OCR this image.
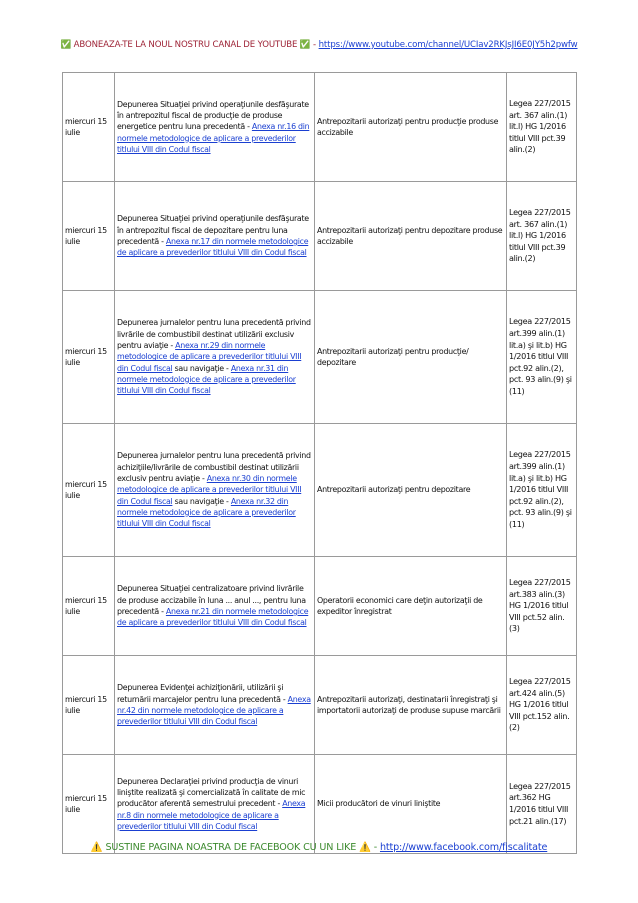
✅ ABONEAZA-TE LA NOUL NOSTRU CANAL DE YOUTUBE ✅ - https://www.youtube.com/channel/UCIav2RKJsJI6E0JY5h2pwfw
miercuri 15 iulie	Depunerea Situaţiei privind operaţiunile desfăşurate în antrepozitul fiscal de producţie de produse energetice pentru luna precedentă - Anexa nr.16 din normele metodologice de aplicare a prevederilor titlului VIII din Codul fiscal	Antrepozitarii autorizaţi pentru producţie produse accizabile	Legea 227/2015 art. 367 alin.(1) lit.l) HG 1/2016 titlul VIII pct.39 alin.(2)
miercuri 15 iulie	Depunerea Situaţiei privind operaţiunile desfăşurate în antrepozitul fiscal de depozitare pentru luna precedentă - Anexa nr.17 din normele metodologice de aplicare a prevederilor titlului VIII din Codul fiscal	Antrepozitarii autorizaţi pentru depozitare produse accizabile	Legea 227/2015 art. 367 alin.(1) lit.l) HG 1/2016 titlul VIII pct.39 alin.(2)
miercuri 15 iulie	Depunerea jurnalelor pentru luna precedentă privind livrările de combustibil destinat utilizării exclusiv pentru aviaţie - Anexa nr.29 din normele metodologice de aplicare a prevederilor titlului VIII din Codul fiscal sau navigaţie - Anexa nr.31 din normele metodologice de aplicare a prevederilor titlului VIII din Codul fiscal	Antrepozitarii autorizaţi pentru producţie/ depozitare	Legea 227/2015 art.399 alin.(1) lit.a) şi lit.b) HG 1/2016 titlul VIII pct.92 alin.(2), pct. 93 alin.(9) şi (11)
miercuri 15 iulie	Depunerea jurnalelor pentru luna precedentă privind achiziţiile/livrările de combustibil destinat utilizării exclusiv pentru aviaţie - Anexa nr.30 din normele metodologice de aplicare a prevederilor titlului VIII din Codul fiscal sau navigaţie - Anexa nr.32 din normele metodologice de aplicare a prevederilor titlului VIII din Codul fiscal	Antrepozitarii autorizaţi pentru depozitare	Legea 227/2015 art.399 alin.(1) lit.a) şi lit.b) HG 1/2016 titlul VIII pct.92 alin.(2), pct. 93 alin.(9) şi (11)
miercuri 15 iulie	Depunerea Situaţiei centralizatoare privind livrările de produse accizabile în luna ... anul ..., pentru luna precedentă - Anexa nr.21 din normele metodologice de aplicare a prevederilor titlului VIII din Codul fiscal	Operatorii economici care deţin autorizaţii de expeditor înregistrat	Legea 227/2015 art.383 alin.(3) HG 1/2016 titlul VIII pct.52 alin.(3)
miercuri 15 iulie	Depunerea Evidenţei achiziţionării, utilizării şi returnării marcajelor pentru luna precedentă - Anexa nr.42 din normele metodologice de aplicare a prevederilor titlului VIII din Codul fiscal	Antrepozitarii autorizaţi, destinatarii înregistraţi şi importatorii autorizaţi de produse supuse marcării	Legea 227/2015 art.424 alin.(5) HG 1/2016 titlul VIII pct.152 alin.(2)
miercuri 15 iulie	Depunerea Declaraţiei privind producţia de vinuri liniştite realizată şi comercializată în calitate de mic producător aferentă semestrului precedent - Anexa nr.8 din normele metodologice de aplicare a prevederilor titlului VIII din Codul fiscal	Micii producători de vinuri liniştite	Legea 227/2015 art.362 HG 1/2016 titlul VIII pct.21 alin.(17)
⚠️ SUSTINE PAGINA NOASTRA DE FACEBOOK CU UN LIKE ⚠️ - http://www.facebook.com/fiscalitate
